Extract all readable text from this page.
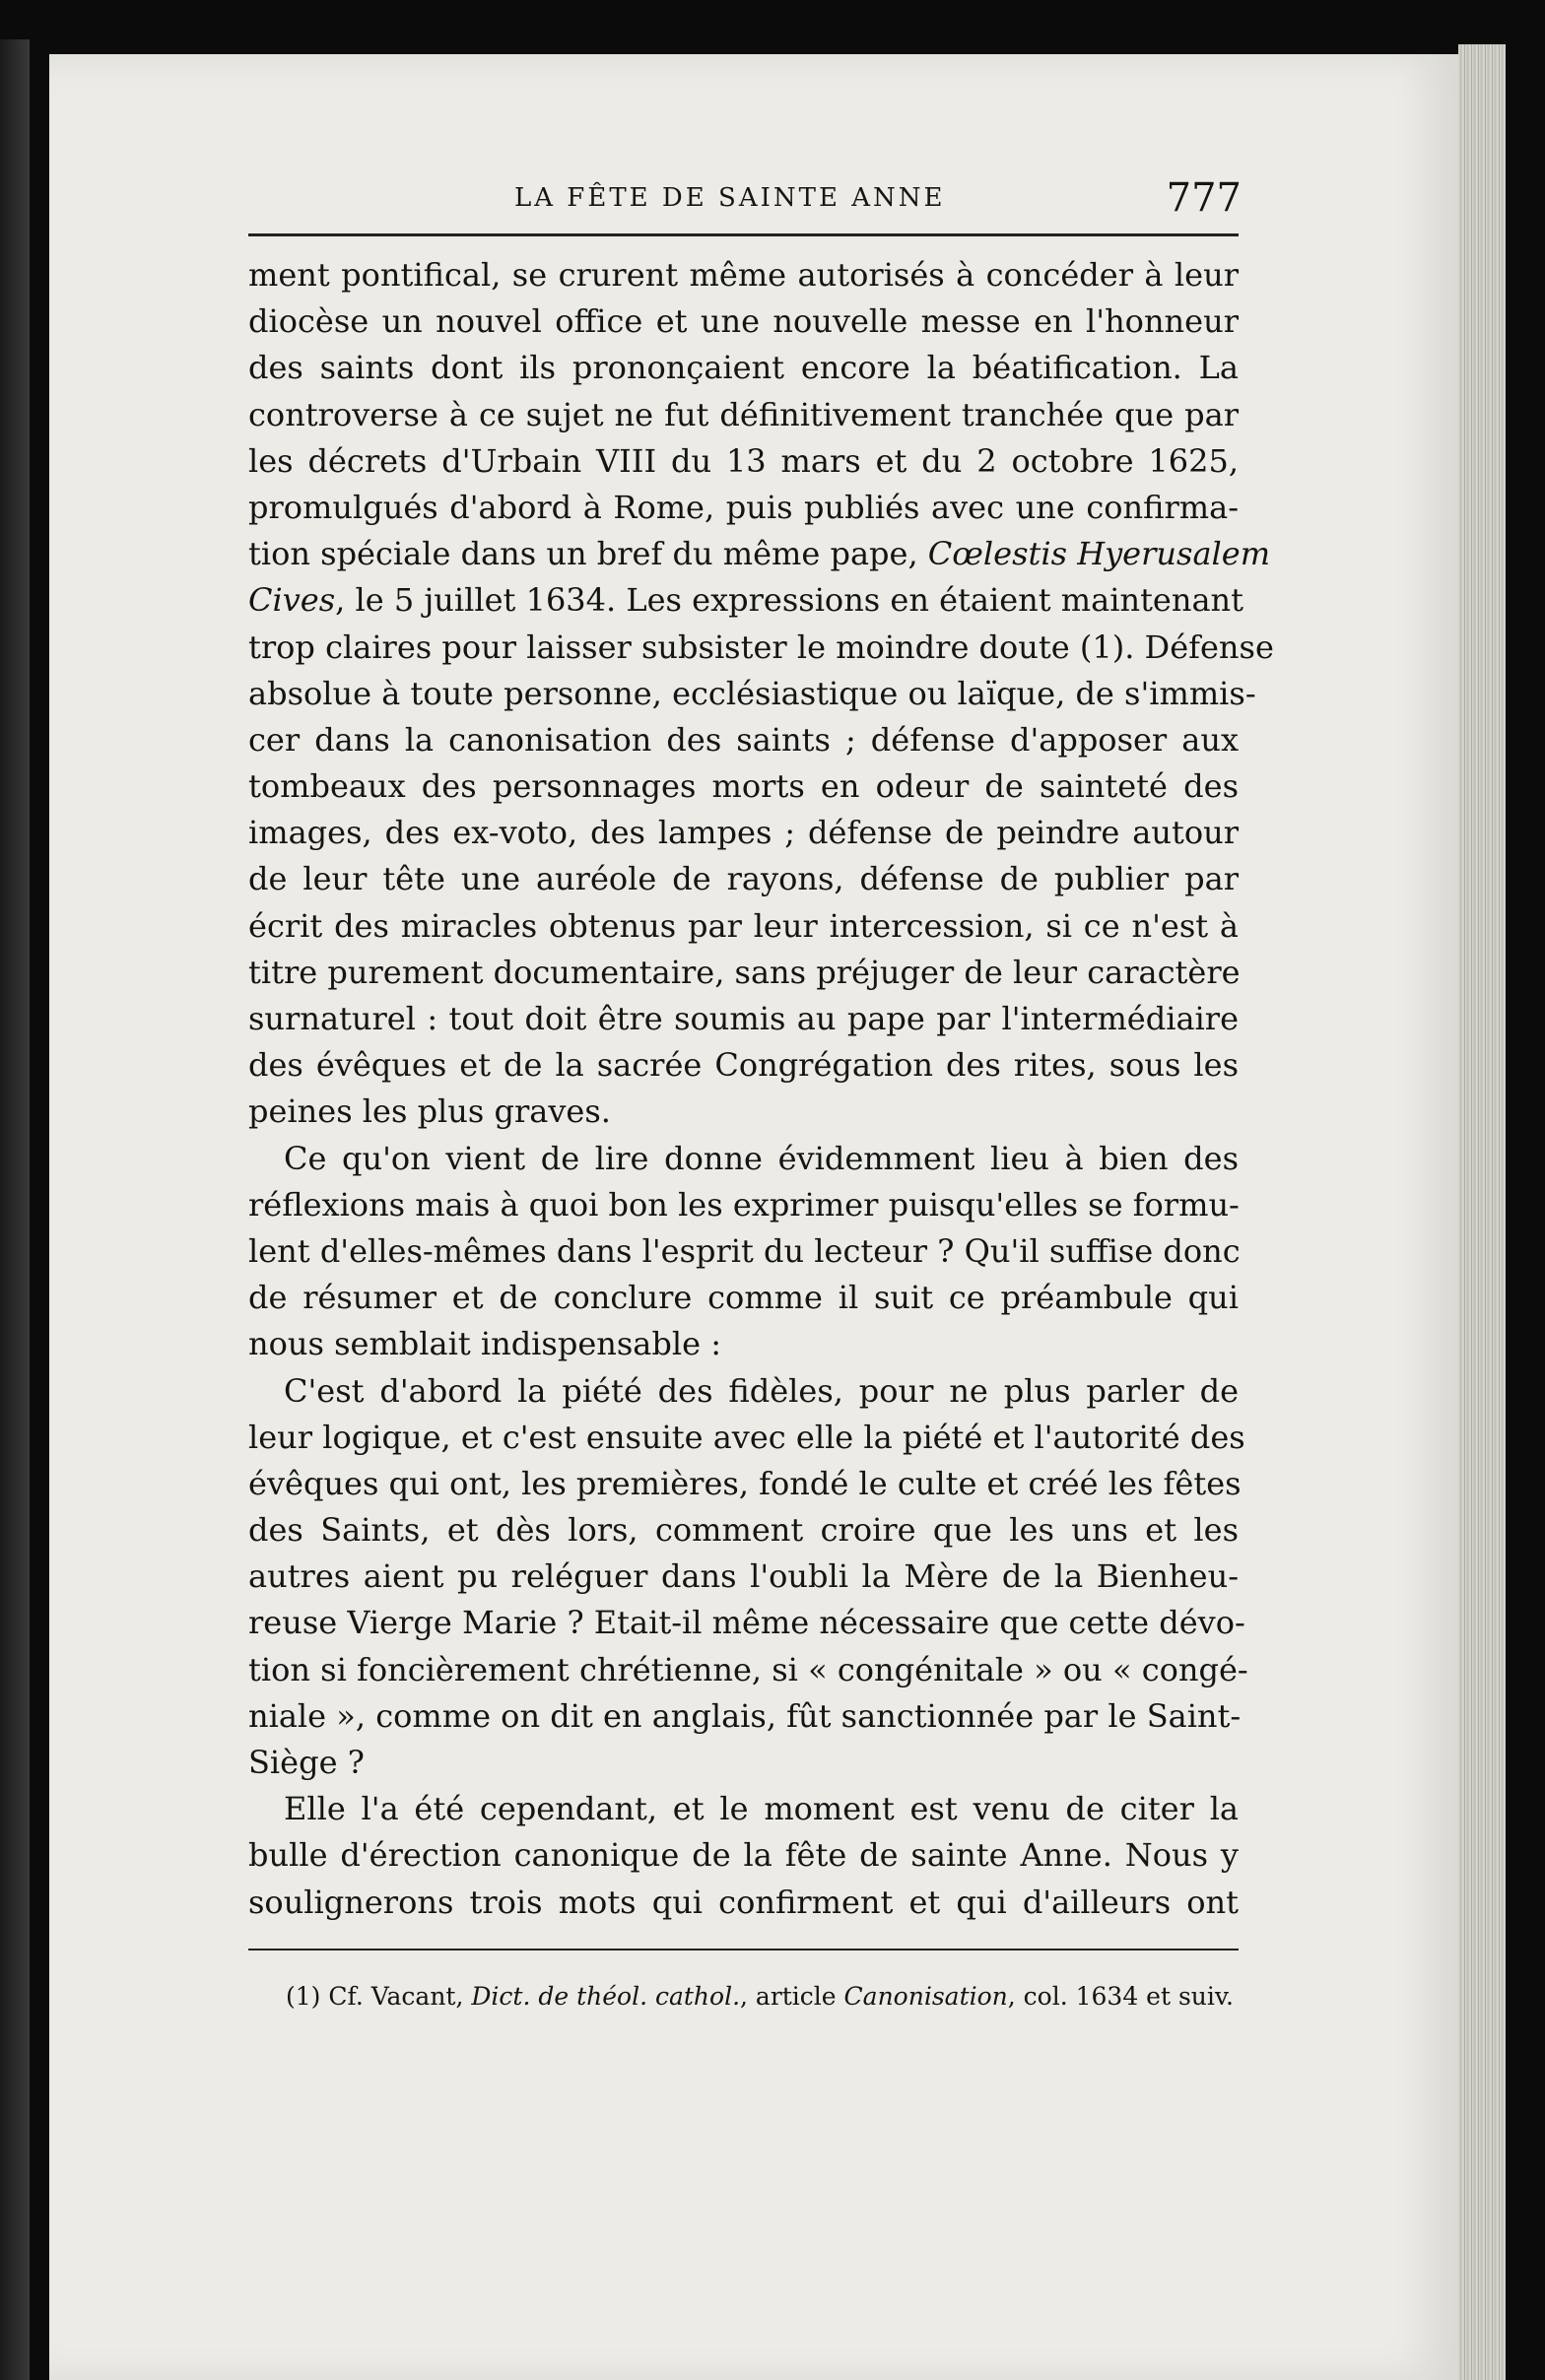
LA FÊTE DE SAINTE ANNE	777
ment pontifical, se crurent même autorisés à concéder à leur
diocèse un nouvel office et une nouvelle messe en l'honneur
des saints dont ils prononçaient encore la béatification. La
controverse à ce sujet ne fut définitivement tranchée que par
les décrets d'Urbain VIII du 13 mars et du 2 octobre 1625,
promulgués d'abord à Rome, puis publiés avec une confirma-
tion spéciale dans un bref du même pape, Cœlestis Hyerusalem
Cives, le 5 juillet 1634. Les expressions en étaient maintenant
trop claires pour laisser subsister le moindre doute (1). Défense
absolue à toute personne, ecclésiastique ou laïque, de s'immis-
cer dans la canonisation des saints ; défense d'apposer aux
tombeaux des personnages morts en odeur de sainteté des
images, des ex-voto, des lampes ; défense de peindre autour
de leur tête une auréole de rayons, défense de publier par
écrit des miracles obtenus par leur intercession, si ce n'est à
titre purement documentaire, sans préjuger de leur caractère
surnaturel : tout doit être soumis au pape par l'intermédiaire
des évêques et de la sacrée Congrégation des rites, sous les
peines les plus graves.
Ce qu'on vient de lire donne évidemment lieu à bien des
réflexions mais à quoi bon les exprimer puisqu'elles se formu-
lent d'elles-mêmes dans l'esprit du lecteur ? Qu'il suffise donc
de résumer et de conclure comme il suit ce préambule qui
nous semblait indispensable :
C'est d'abord la piété des fidèles, pour ne plus parler de
leur logique, et c'est ensuite avec elle la piété et l'autorité des
évêques qui ont, les premières, fondé le culte et créé les fêtes
des Saints, et dès lors, comment croire que les uns et les
autres aient pu reléguer dans l'oubli la Mère de la Bienheu-
reuse Vierge Marie ? Etait-il même nécessaire que cette dévo-
tion si foncièrement chrétienne, si « congénitale » ou « congé-
niale », comme on dit en anglais, fût sanctionnée par le Saint-
Siège ?
Elle l'a été cependant, et le moment est venu de citer la
bulle d'érection canonique de la fête de sainte Anne. Nous y
soulignerons trois mots qui confirment et qui d'ailleurs ont
(1) Cf. Vacant, Dict. de théol. cathol., article Canonisation, col. 1634 et suiv.
